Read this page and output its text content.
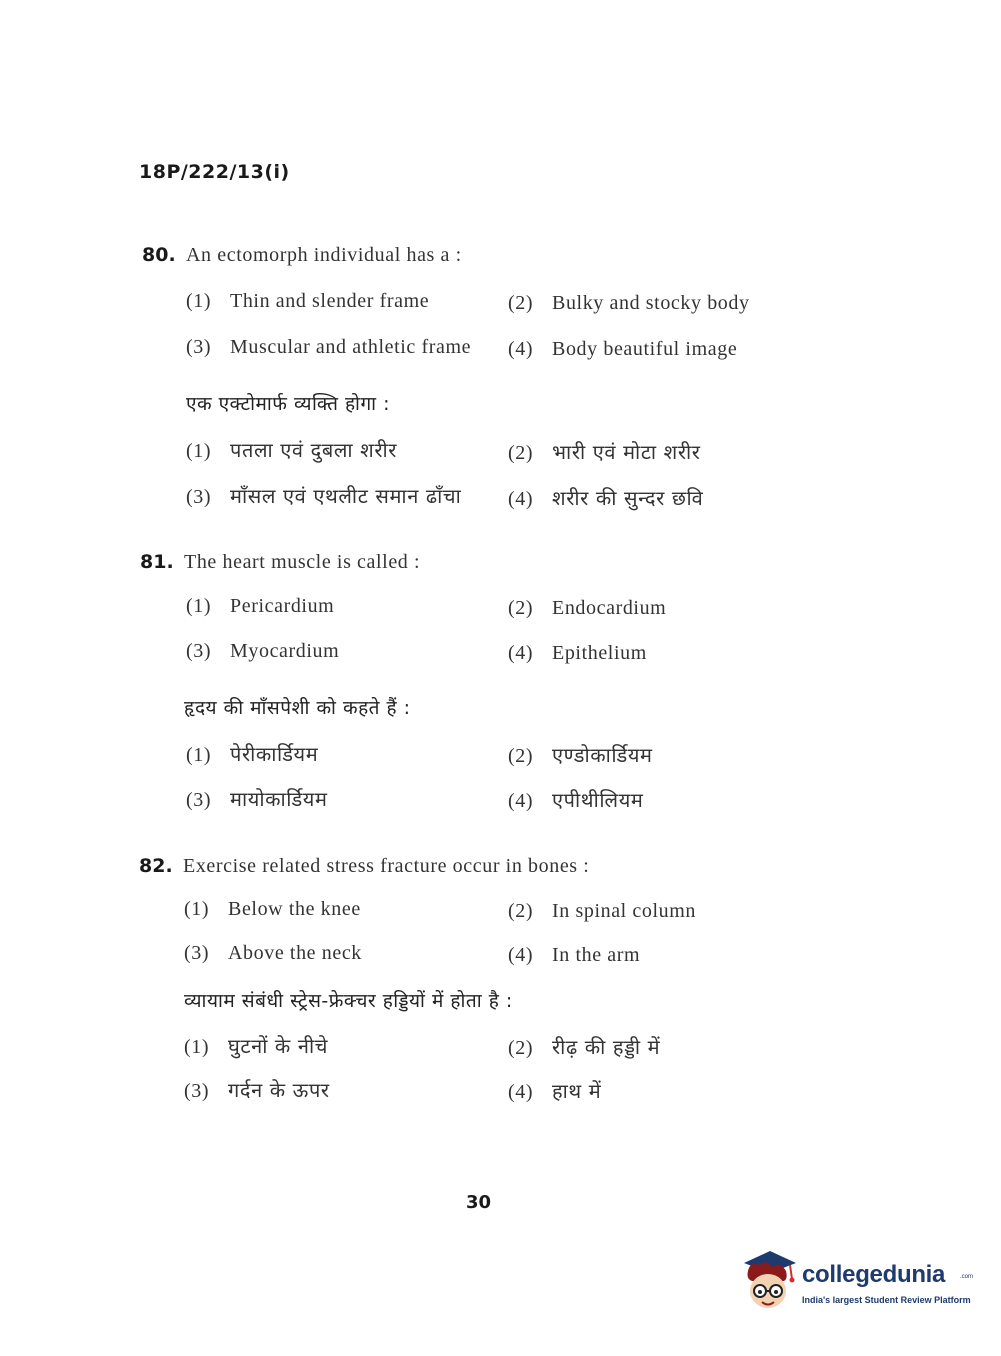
18P/222/13(i)
80. An ectomorph individual has a :
(1) Thin and slender frame	(2) Bulky and stocky body
(3) Muscular and athletic frame (4) Body beautiful image
एक एक्टोमार्फ व्यक्ति होगा :
(1) पतला एवं दुबला शरीर	(2) भारी एवं मोटा शरीर
(3) माँसल एवं एथलीट समान ढाँचा (4) शरीर की सुन्दर छवि
81. The heart muscle is called :
(1) Pericardium	(2) Endocardium
(3) Myocardium	(4) Epithelium
हृदय की माँसपेशी को कहते हैं :
(1) पेरीकार्डियम	(2) एण्डोकार्डियम
(3) मायोकार्डियम	(4) एपीथीलियम
82. Exercise related stress fracture occur in bones :
(1) Below the knee	(2) In spinal column
(3) Above the neck	(4) In the arm
व्यायाम संबंधी स्ट्रेस-फ्रेक्चर हड्डियों में होता है :
(1) घुटनों के नीचे	(2) रीढ़ की हड्डी में
(3) गर्दन के ऊपर	(4) हाथ में
30
collegedunia .com
India's largest Student Review Platform
